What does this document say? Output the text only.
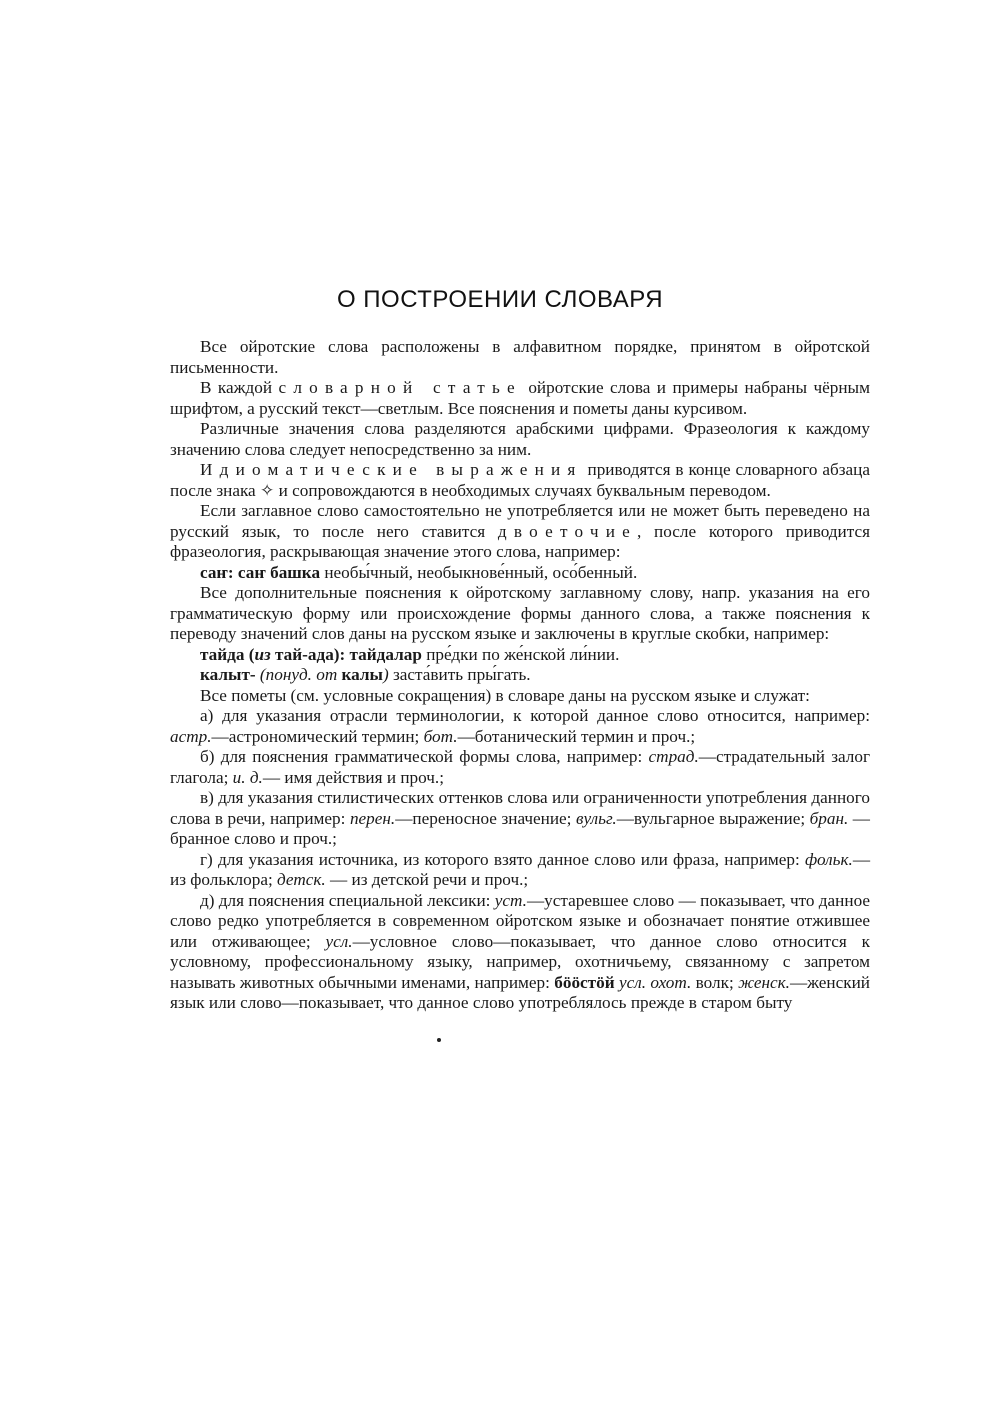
О ПОСТРОЕНИИ СЛОВАРЯ

Все ойротские слова расположены в алфавитном порядке, принятом в ойротской письменности.

В каждой словарной статье ойротские слова и примеры набраны чёрным шрифтом, а русский текст—светлым. Все пояснения и пометы даны курсивом.

Различные значения слова разделяются арабскими цифрами. Фразеология к каждому значению слова следует непосредственно за ним.

Идиоматические выражения приводятся в конце словарного абзаца после знака ✧ и сопровождаются в необходимых случаях буквальным переводом.

Если заглавное слово самостоятельно не употребляется или не может быть переведено на русский язык, то после него ставится двоеточие, после которого приводится фразеология, раскрывающая значение этого слова, например:

саҥ: саҥ башка необы́чный, необыкнове́нный, осо́бенный.

Все дополнительные пояснения к ойротскому заглавному слову, напр. указания на его грамматическую форму или происхождение формы данного слова, а также пояснения к переводу значений слов даны на русском языке и заключены в круглые скобки, например:

тайда (из тай-ада): тайдалар пре́дки по же́нской ли́нии.

калыт- (понуд. от калы) заста́вить пры́гать.

Все пометы (см. условные сокращения) в словаре даны на русском языке и служат:

а) для указания отрасли терминологии, к которой данное слово относится, например: астр.—астрономический термин; бот.—ботанический термин и проч.;

б) для пояснения грамматической формы слова, например: страд.—страдательный залог глагола; и. д.— имя действия и проч.;

в) для указания стилистических оттенков слова или ограниченности употребления данного слова в речи, например: перен.—переносное значение; вульг.—вульгарное выражение; бран. — бранное слово и проч.;

г) для указания источника, из которого взято данное слово или фраза, например: фольк.—из фольклора; детск. — из детской речи и проч.;

д) для пояснения специальной лексики: уст.—устаревшее слово — показывает, что данное слово редко употребляется в современном ойротском языке и обозначает понятие отжившее или отживающее; усл.—условное слово—показывает, что данное слово относится к условному, профессиональному языку, например, охотничьему, связанному с запретом называть животных обычными именами, например: бӧӧстӧй усл. охот. волк; женск.—женский язык или слово—показывает, что данное слово употреблялось прежде в старом быту
